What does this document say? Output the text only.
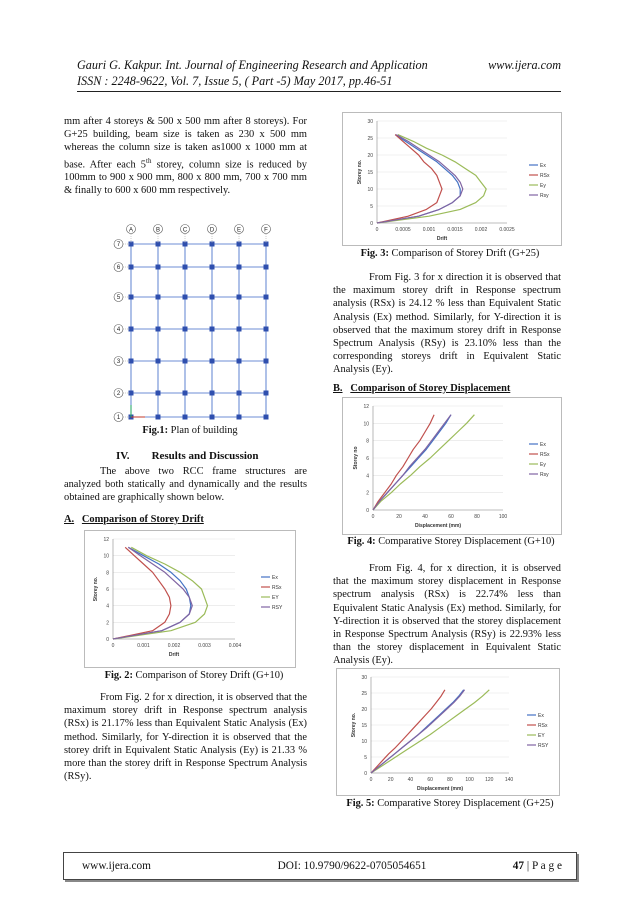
Gauri G. Kakpur. Int. Journal of Engineering Research and Application	www.ijera.com
ISSN : 2248-9622, Vol. 7, Issue 5, ( Part -5) May 2017, pp.46-51

mm after 4 storeys & 500 x 500 mm after 8 storeys). For G+25 building, beam size is taken as 230 x 500 mm whereas the column size is taken as1000 x 1000 mm at base. After each 5th storey, column size is reduced by 100mm to 900 x 900 mm, 800 x 800 mm, 700 x 700 mm & finally to 600 x 600 mm respectively.

A	B	C	D	E	F
7
6
5
4
3
2
1
Fig.1: Plan of building
IV. Results and Discussion

The above two RCC frame structures are analyzed both statically and dynamically and the results obtained are graphically shown below.

A. Comparison of Storey Drift
0
2
4
6
8
10
12
0	0.001	0.002	0.003	0.004
Drift
Storey no.	Ex
RSx
EY
RSY
Fig. 2: Comparison of Storey Drift (G+10)

From Fig. 2 for x direction, it is observed that the maximum storey drift in Response spectrum analysis (RSx) is 21.17% less than Equivalent Static Analysis (Ex) method. Similarly, for Y-direction it is observed that the storey drift in Equivalent Static Analysis (Ey) is 21.33 % more than the storey drift in Response Spectrum Analysis (RSy).

0
5
10
15
20
25
30
0	0.0005 0.001 0.0015 0.002 0.0025
Drift
Storey no.	Ex
RSx
Ey
Rsy
Fig. 3: Comparison of Storey Drift (G+25)

From Fig. 3 for x direction it is observed that the maximum storey drift in Response spectrum analysis (RSx) is 24.12 % less than Equivalent Static Analysis (Ex) method. Similarly, for Y-direction it is observed that the maximum storey drift in Response Spectrum Analysis (RSy) is 23.10% less than the corresponding storeys drift in Equivalent Static Analysis (Ey).

B. Comparison of Storey Displacement
0
2
4
6
8
10
12
0	20	40	60	80	100
Displacement (mm)
Storey no
Ex
RSx
Ey
Rsy
Fig. 4: Comparative Storey Displacement (G+10)

From Fig. 4, for x direction, it is observed that the maximum storey displacement in Response spectrum analysis (RSx) is 22.74% less than Equivalent Static Analysis (Ex) method. Similarly, for Y-direction it is observed that the storey displacement in Response Spectrum Analysis (RSy) is 22.93% less than the storey displacement in Equivalent Static Analysis (Ey).

0
5
10
15
20
25
30
0	20	40	60	80	100 120 140
Displacement (mm)
Storey no.	Ex
RSx
EY
RSY
Fig. 5: Comparative Storey Displacement (G+25)
www.ijera.com	DOI: 10.9790/9622-0705054651	47 | P a g e
